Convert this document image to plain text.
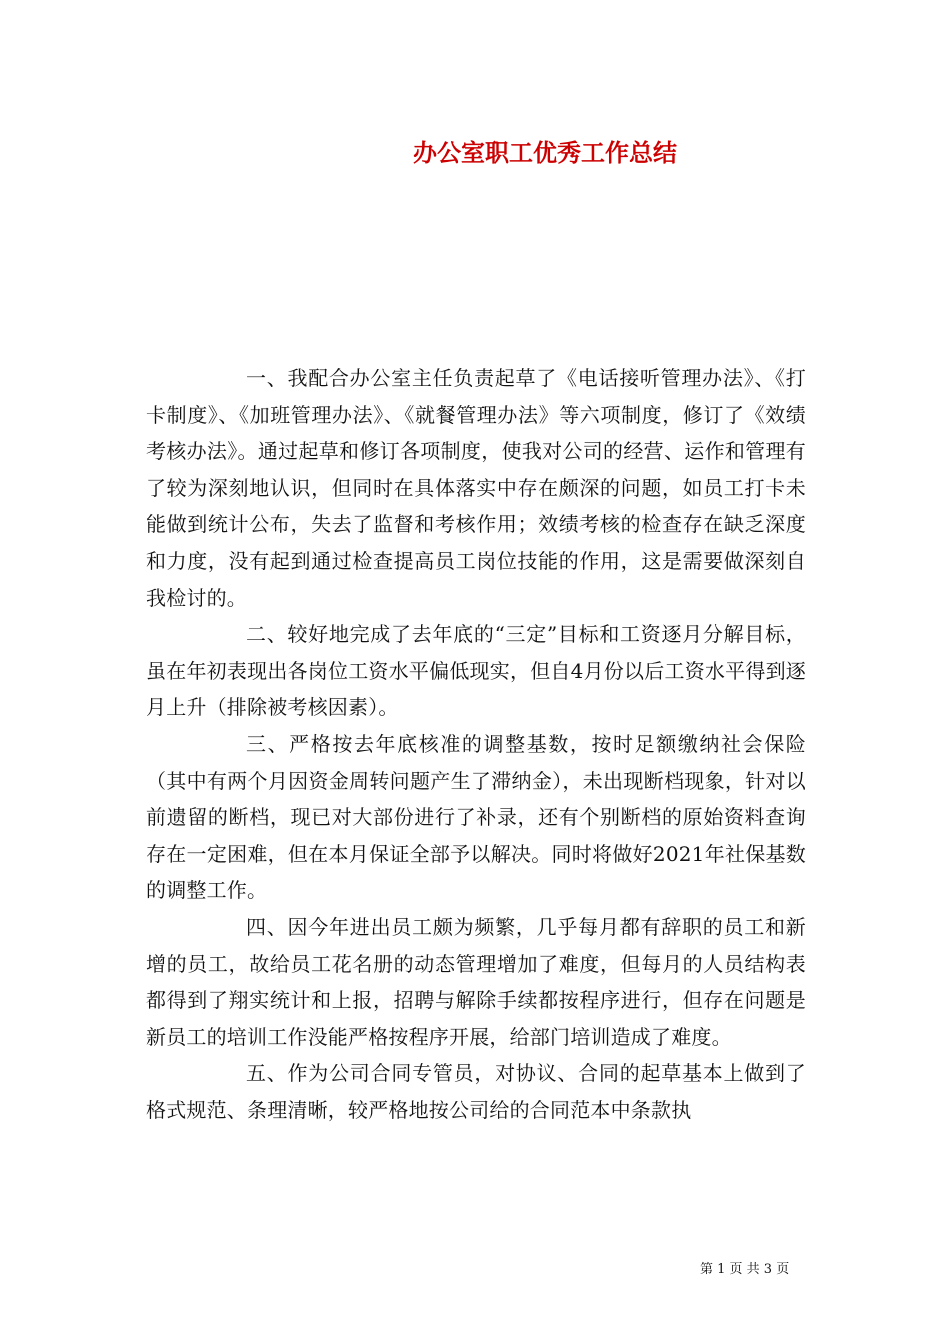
办公室职工优秀工作总结

一、我配合办公室主任负责起草了《电话接听管理办法》、《打卡制度》、《加班管理办法》、《就餐管理办法》等六项制度，修订了《效绩考核办法》。通过起草和修订各项制度，使我对公司的经营、运作和管理有了较为深刻地认识，但同时在具体落实中存在颇深的问题，如员工打卡未能做到统计公布，失去了监督和考核作用；效绩考核的检查存在缺乏深度和力度，没有起到通过检查提高员工岗位技能的作用，这是需要做深刻自我检讨的。

二、较好地完成了去年底的“三定”目标和工资逐月分解目标，虽在年初表现出各岗位工资水平偏低现实，但自4月份以后工资水平得到逐月上升（排除被考核因素）。

三、严格按去年底核准的调整基数，按时足额缴纳社会保险（其中有两个月因资金周转问题产生了滞纳金），未出现断档现象，针对以前遗留的断档，现已对大部份进行了补录，还有个别断档的原始资料查询存在一定困难，但在本月保证全部予以解决。同时将做好2021年社保基数的调整工作。

四、因今年进出员工颇为频繁，几乎每月都有辞职的员工和新增的员工，故给员工花名册的动态管理增加了难度，但每月的人员结构表都得到了翔实统计和上报，招聘与解除手续都按程序进行，但存在问题是新员工的培训工作没能严格按程序开展，给部门培训造成了难度。

五、作为公司合同专管员，对协议、合同的起草基本上做到了格式规范、条理清晰，较严格地按公司给的合同范本中条款执

第 1 页 共 3 页
